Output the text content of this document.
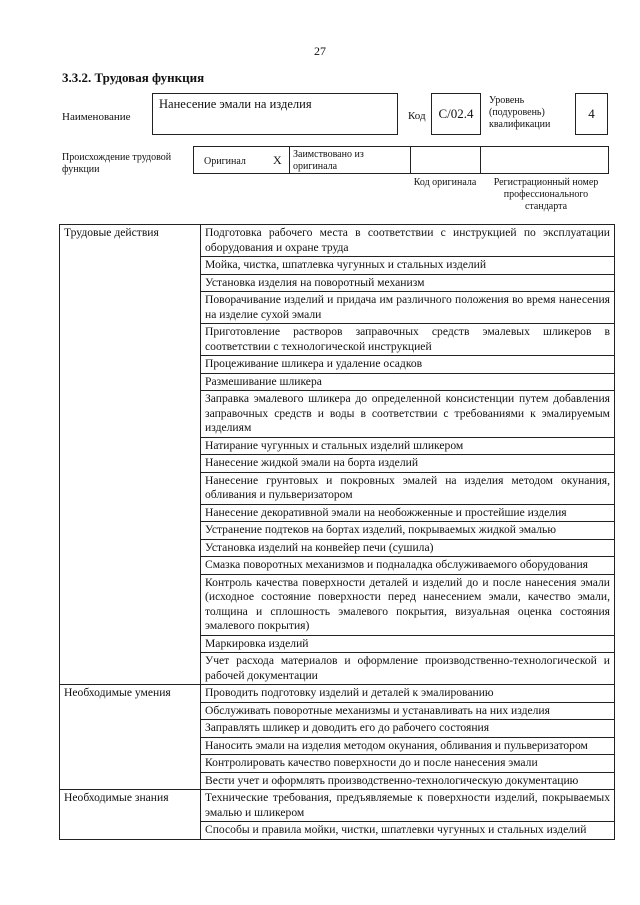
27
3.3.2. Трудовая функция
Наименование
Нанесение эмали на изделия
Код С/02.4
Уровень (подуровень) квалификации
4
Происхождение трудовой функции
Оригинал Х Заимствовано из оригинала
Код оригинала	Регистрационный номер профессионального стандарта
Трудовые действия	Подготовка рабочего места в соответствии с инструкцией по эксплуатации оборудования и охране труда
	Мойка, чистка, шпатлевка чугунных и стальных изделий
	Установка изделия на поворотный механизм
	Поворачивание изделий и придача им различного положения во время нанесения на изделие сухой эмали
	Приготовление растворов заправочных средств эмалевых шликеров в соответствии с технологической инструкцией
	Процеживание шликера и удаление осадков
	Размешивание шликера
	Заправка эмалевого шликера до определенной консистенции путем добавления заправочных средств и воды в соответствии с требованиями к эмалируемым изделиям
	Натирание чугунных и стальных изделий шликером
	Нанесение жидкой эмали на борта изделий
	Нанесение грунтовых и покровных эмалей на изделия методом окунания, обливания и пульверизатором
	Нанесение декоративной эмали на необожженные и простейшие изделия
	Устранение подтеков на бортах изделий, покрываемых жидкой эмалью
	Установка изделий на конвейер печи (сушила)
	Смазка поворотных механизмов и подналадка обслуживаемого оборудования
	Контроль качества поверхности деталей и изделий до и после нанесения эмали (исходное состояние поверхности перед нанесением эмали, качество эмали, толщина и сплошность эмалевого покрытия, визуальная оценка состояния эмалевого покрытия)
	Маркировка изделий
	Учет расхода материалов и оформление производственно-технологической и рабочей документации
Необходимые умения	Проводить подготовку изделий и деталей к эмалированию
	Обслуживать поворотные механизмы и устанавливать на них изделия
	Заправлять шликер и доводить его до рабочего состояния
	Наносить эмали на изделия методом окунания, обливания и пульверизатором
	Контролировать качество поверхности до и после нанесения эмали
	Вести учет и оформлять производственно-технологическую документацию
Необходимые знания	Технические требования, предъявляемые к поверхности изделий, покрываемых эмалью и шликером
	Способы и правила мойки, чистки, шпатлевки чугунных и стальных изделий
